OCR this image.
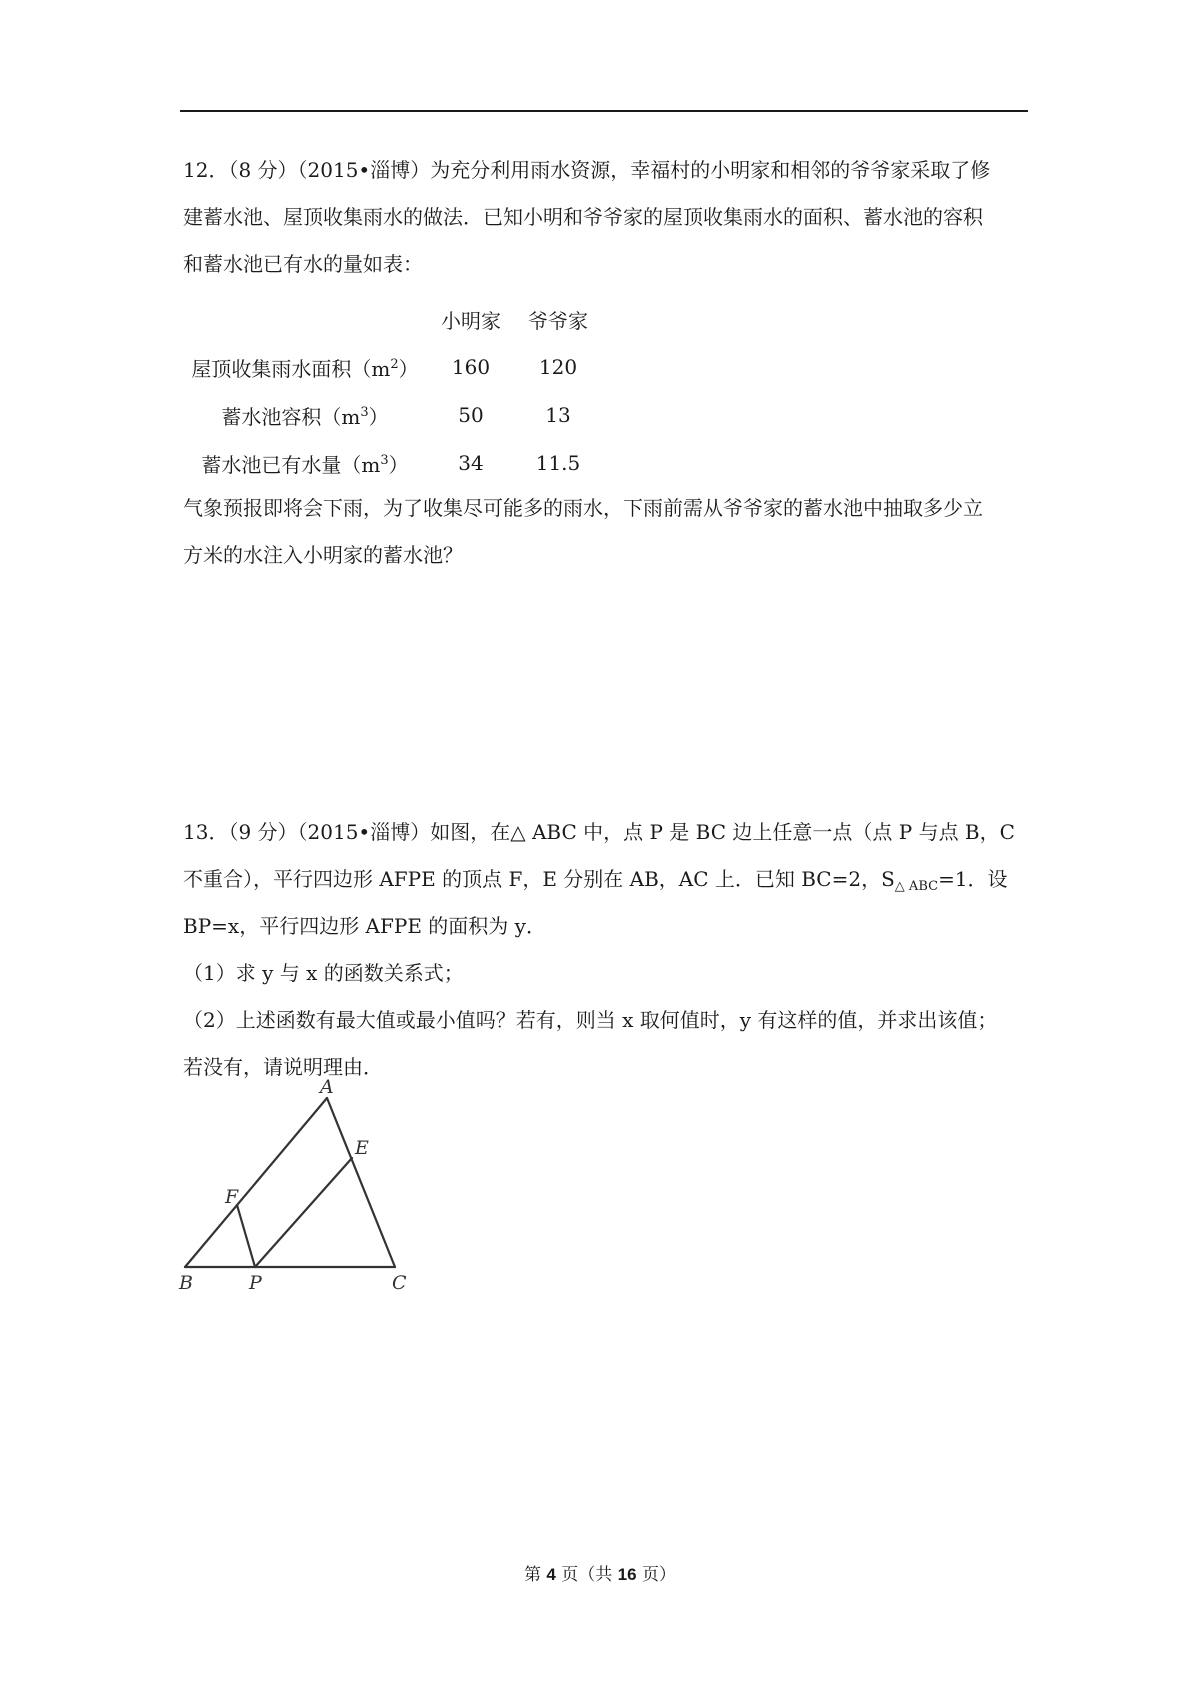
12．（8 分）（2015•淄博）为充分利用雨水资源，幸福村的小明家和相邻的爷爷家采取了修
建蓄水池、屋顶收集雨水的做法．已知小明和爷爷家的屋顶收集雨水的面积、蓄水池的容积
和蓄水池已有水的量如表：
	小明家	爷爷家
屋顶收集雨水面积$(m^2)$	160	120
蓄水池容积$(m^3)$	50	13
蓄水池已有水量$(m^3)$	34	11.5
气象预报即将会下雨，为了收集尽可能多的雨水，下雨前需从爷爷家的蓄水池中抽取多少立
方米的水注入小明家的蓄水池？
13．（9 分）（2015•淄博）如图，在△ ABC 中，点 P 是 BC 边上任意一点（点 P 与点 B，C
不重合），平行四边形 AFPE 的顶点 F，E 分别在 AB，AC 上．已知 BC=2，$S_{\triangle ABC}=1$．设
BP=x，平行四边形 AFPE 的面积为 y．
（1）求 y 与 x 的函数关系式；
（2）上述函数有最大值或最小值吗？若有，则当 x 取何值时，y 有这样的值，并求出该值；
若没有，请说明理由．
A
B	C
E
F
P
第 4 页（共 16 页）
